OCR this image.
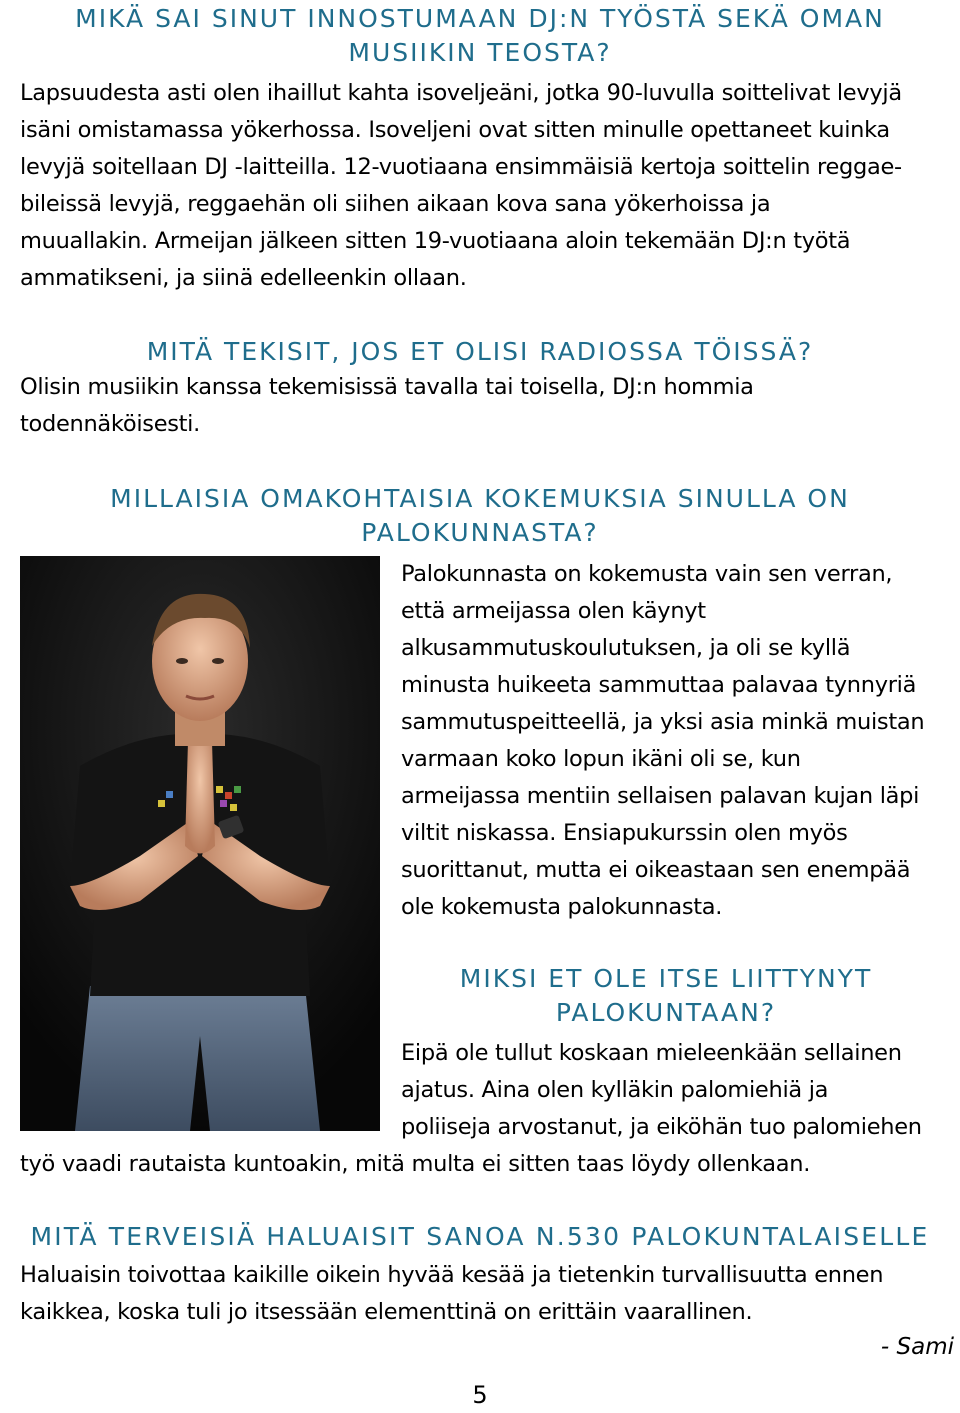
MIKÄ SAI SINUT INNOSTUMAAN DJ:N TYÖSTÄ SEKÄ OMAN
MUSIIKIN TEOSTA?
Lapsuudesta asti olen ihaillut kahta isoveljeäni, jotka 90-luvulla soittelivat levyjä
isäni omistamassa yökerhossa. Isoveljeni ovat sitten minulle opettaneet kuinka
levyjä soitellaan DJ -laitteilla. 12-vuotiaana ensimmäisiä kertoja soittelin reggae-
bileissä levyjä, reggaehän oli siihen aikaan kova sana yökerhoissa ja
muuallakin. Armeijan jälkeen sitten 19-vuotiaana aloin tekemään DJ:n työtä
ammatikseni, ja siinä edelleenkin ollaan.
MITÄ TEKISIT, JOS ET OLISI RADIOSSA TÖISSÄ?
Olisin musiikin kanssa tekemisissä tavalla tai toisella, DJ:n hommia
todennäköisesti.
MILLAISIA OMAKOHTAISIA KOKEMUKSIA SINULLA ON
PALOKUNNASTA?
Palokunnasta on kokemusta vain sen verran,
että armeijassa olen käynyt
alkusammutuskoulutuksen, ja oli se kyllä
minusta huikeeta sammuttaa palavaa tynnyriä
sammutuspeitteellä, ja yksi asia minkä muistan
varmaan koko lopun ikäni oli se, kun
armeijassa mentiin sellaisen palavan kujan läpi
viltit niskassa. Ensiapukurssin olen myös
suorittanut, mutta ei oikeastaan sen enempää
ole kokemusta palokunnasta.
MIKSI ET OLE ITSE LIITTYNYT
PALOKUNTAAN?
Eipä ole tullut koskaan mieleenkään sellainen
ajatus. Aina olen kylläkin palomiehiä ja
poliiseja arvostanut, ja eiköhän tuo palomiehen
työ vaadi rautaista kuntoakin, mitä multa ei sitten taas löydy ollenkaan.
MITÄ TERVEISIÄ HALUAISIT SANOA N.530 PALOKUNTALAISELLE
Haluaisin toivottaa kaikille oikein hyvää kesää ja tietenkin turvallisuutta ennen
kaikkea, koska tuli jo itsessään elementtinä on erittäin vaarallinen.
- Sami
5
